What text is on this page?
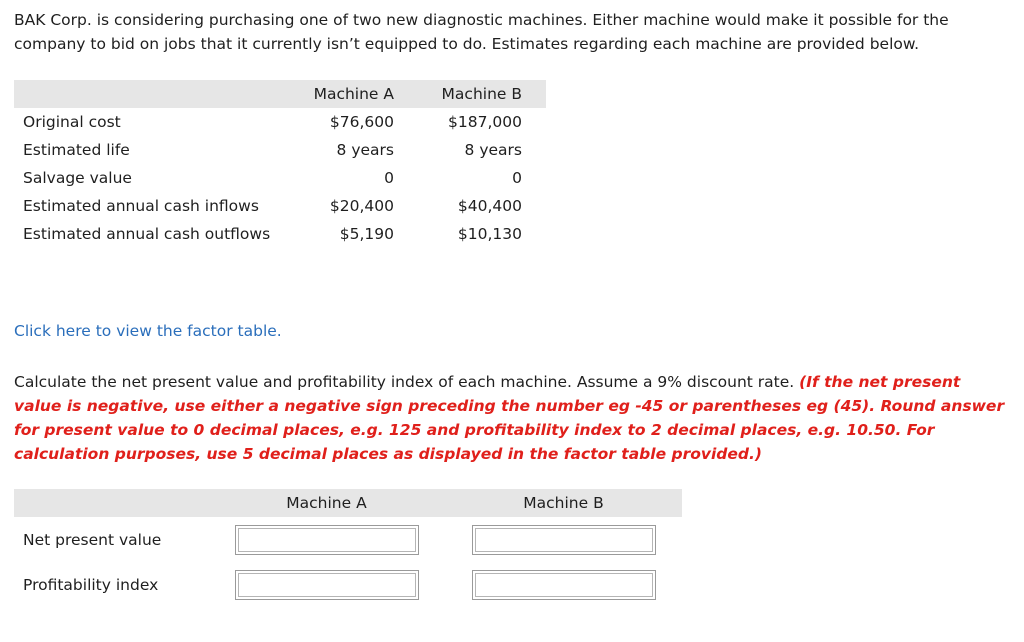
BAK Corp. is considering purchasing one of two new diagnostic machines. Either machine would make it possible for the company to bid on jobs that it currently isn’t equipped to do. Estimates regarding each machine are provided below.

	Machine A		Machine B
Original cost	$76,600		$187,000
Estimated life	8 years		8 years
Salvage value	0		0
Estimated annual cash inflows	$20,400		$40,400
Estimated annual cash outflows	$5,190		$10,130
Click here to view the factor table.

Calculate the net present value and profitability index of each machine. Assume a 9% discount rate. (If the net present value is negative, use either a negative sign preceding the number eg -45 or parentheses eg (45). Round answer for present value to 0 decimal places, e.g. 125 and profitability index to 2 decimal places, e.g. 10.50. For calculation purposes, use 5 decimal places as displayed in the factor table provided.)

	Machine A	Machine B
Net present value		
Profitability index		
